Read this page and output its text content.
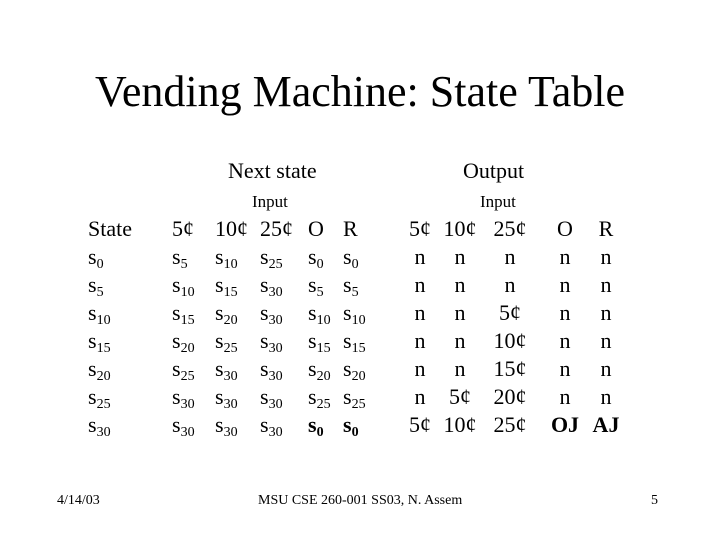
Vending Machine: State Table
Next state	Output
Input	Input
State 5¢ 10¢ 25¢ O R 5¢ 10¢ 25¢ O R
$s_0$	$s_5$ $s_{10}$ $s_{25}$ $s_0$ $s_0$	n n n n n
$s_5$	$s_{10}$ $s_{15}$ $s_{30}$ $s_5$ $s_5$	n n n n n
$s_{10}$	$s_{15}$ $s_{20}$ $s_{30}$ $s_{10}$ $s_{10}$ n n 5¢ n n
$s_{15}$	$s_{20}$ $s_{25}$ $s_{30}$ $s_{15}$ $s_{15}$ n n 10¢ n n
$s_{20}$	$s_{25}$ $s_{30}$ $s_{30}$ $s_{20}$ $s_{20}$ n n 15¢ n n
$s_{25}$	$s_{30}$ $s_{30}$ $s_{30}$ $s_{25}$ $s_{25}$ n 5¢ 20¢ n n
$s_{30}$	$s_{30}$ $s_{30}$ $s_{30}$ $s_0$ $s_0$ 5¢ 10¢ 25¢ OJ AJ
4/14/03	MSU CSE 260-001 SS03, N. Assem	5
